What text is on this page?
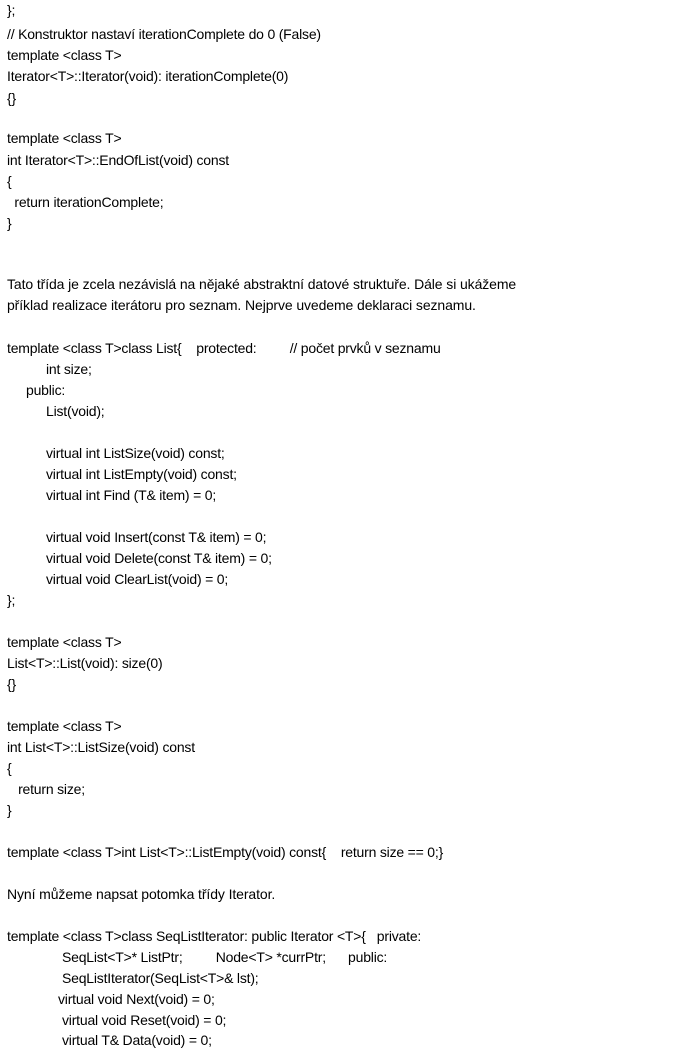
};
// Konstruktor nastaví iterationComplete do 0 (False)
template <class T>
Iterator<T>::Iterator(void): iterationComplete(0)
{}
template <class T>
int Iterator<T>::EndOfList(void) const
{
return iterationComplete;
}
Tato třída je zcela nezávislá na nějaké abstraktní datové struktuře. Dále si ukážeme
příklad realizace iterátoru pro seznam. Nejprve uvedeme deklaraci seznamu.
template <class T>class List{    protected:         // počet prvků v seznamu
int size;
public:
List(void);
virtual int ListSize(void) const;
virtual int ListEmpty(void) const;
virtual int Find (T& item) = 0;
virtual void Insert(const T& item) = 0;
virtual void Delete(const T& item) = 0;
virtual void ClearList(void) = 0;
};
template <class T>
List<T>::List(void): size(0)
{}
template <class T>
int List<T>::ListSize(void) const
{
return size;
}
template <class T>int List<T>::ListEmpty(void) const{    return size == 0;}
Nyní můžeme napsat potomka třídy Iterator.
template <class T>class SeqListIterator: public Iterator <T>{   private:
SeqList<T>* ListPtr;         Node<T> *currPtr;      public:
SeqListIterator(SeqList<T>& lst);
virtual void Next(void) = 0;
virtual void Reset(void) = 0;
virtual T& Data(void) = 0;
